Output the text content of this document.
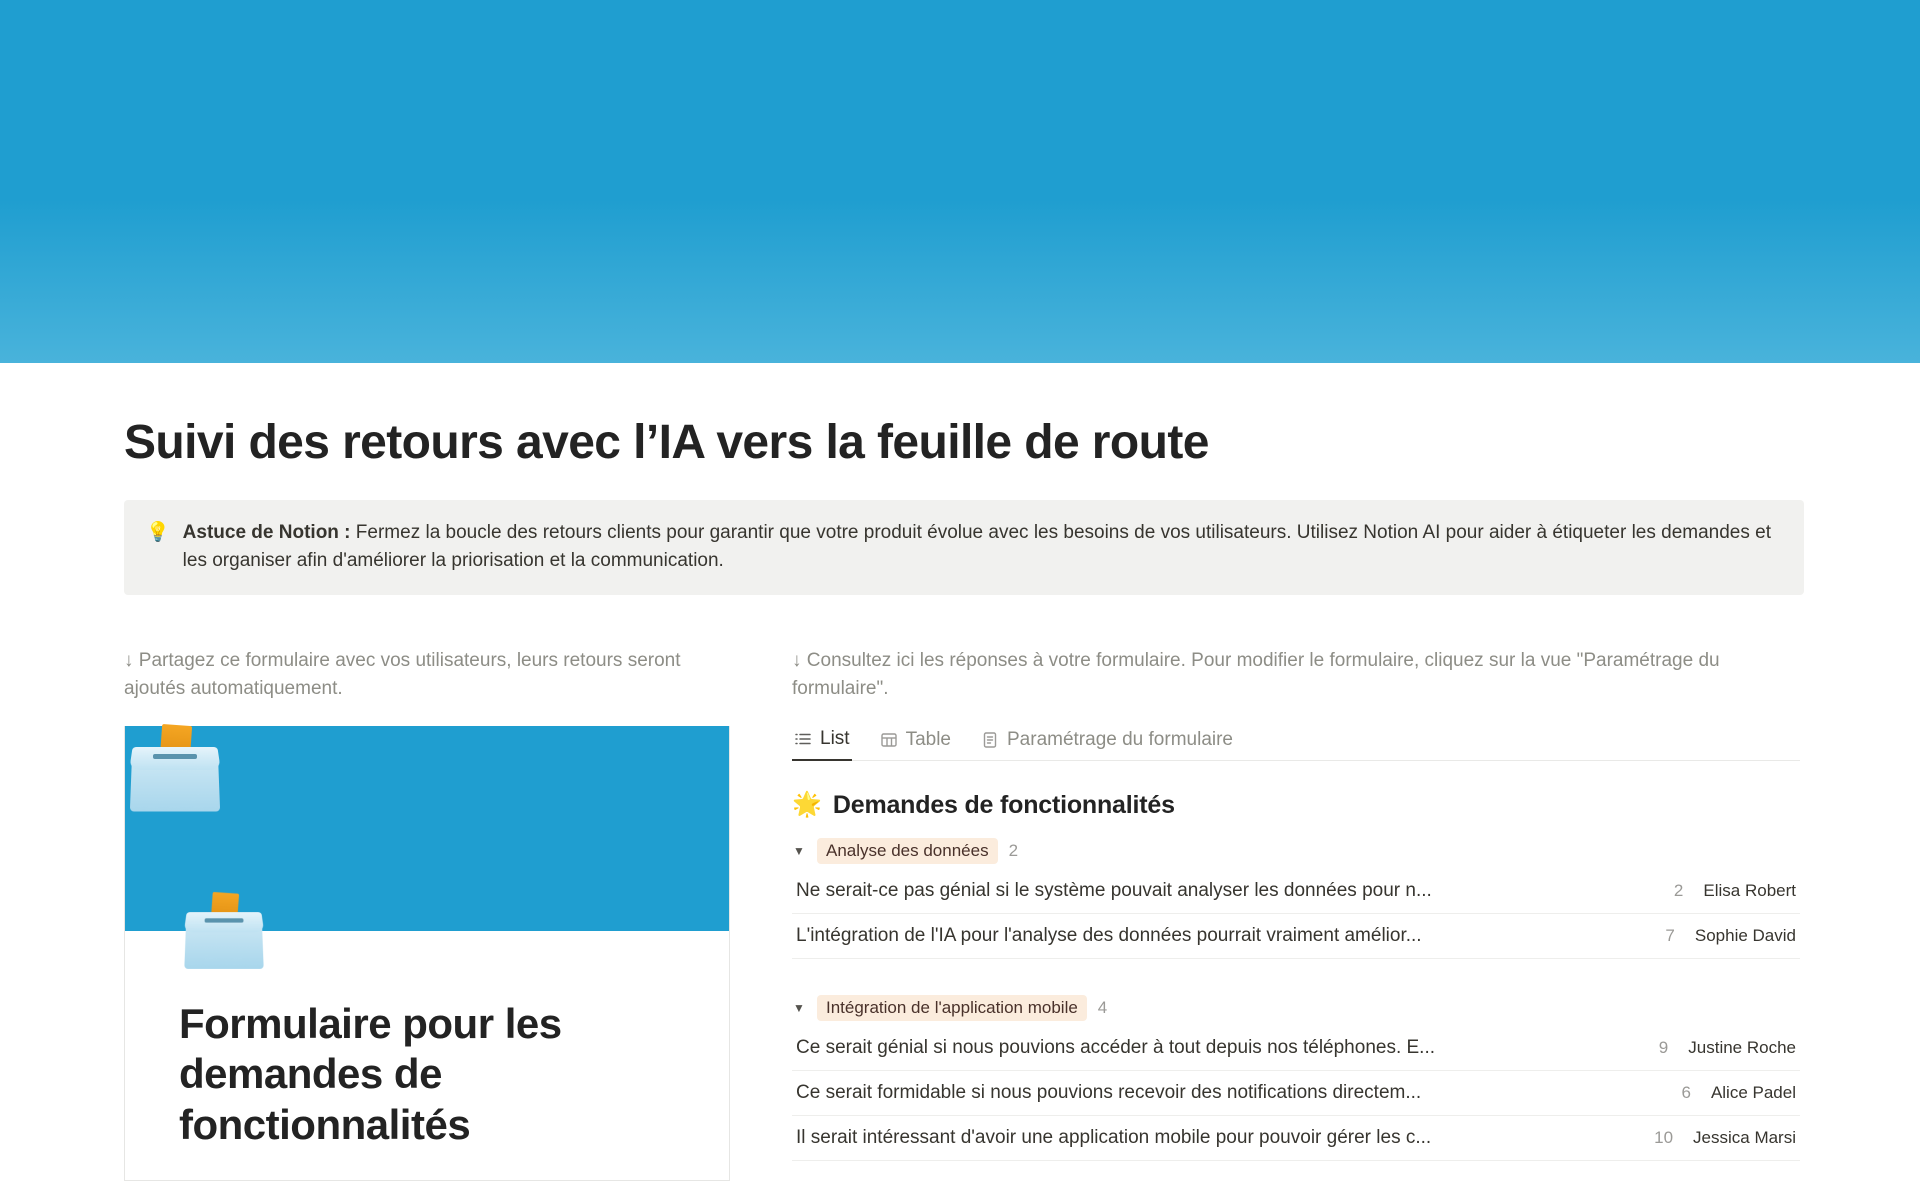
Suivi des retours avec l’IA vers la feuille de route
💡 Astuce de Notion : Fermez la boucle des retours clients pour garantir que votre produit évolue avec les besoins de vos utilisateurs. Utilisez Notion AI pour aider à étiqueter les demandes et les organiser afin d'améliorer la priorisation et la communication.
↓ Partagez ce formulaire avec vos utilisateurs, leurs retours seront ajoutés automatiquement.
Formulaire pour les demandes de fonctionnalités
↓ Consultez ici les réponses à votre formulaire. Pour modifier le formulaire, cliquez sur la vue "Paramétrage du formulaire".
List	Table	Paramétrage du formulaire
🌟 Demandes de fonctionnalités
▼	Analyse des données	2
Ne serait-ce pas génial si le système pouvait analyser les données pour n...	2 Elisa Robert
L'intégration de l'IA pour l'analyse des données pourrait vraiment amélior...	7 Sophie David
▼	Intégration de l'application mobile	4
Ce serait génial si nous pouvions accéder à tout depuis nos téléphones. E...	9 Justine Roche
Ce serait formidable si nous pouvions recevoir des notifications directem...	6 Alice Padel
Il serait intéressant d'avoir une application mobile pour pouvoir gérer les c...	10 Jessica Marsi
